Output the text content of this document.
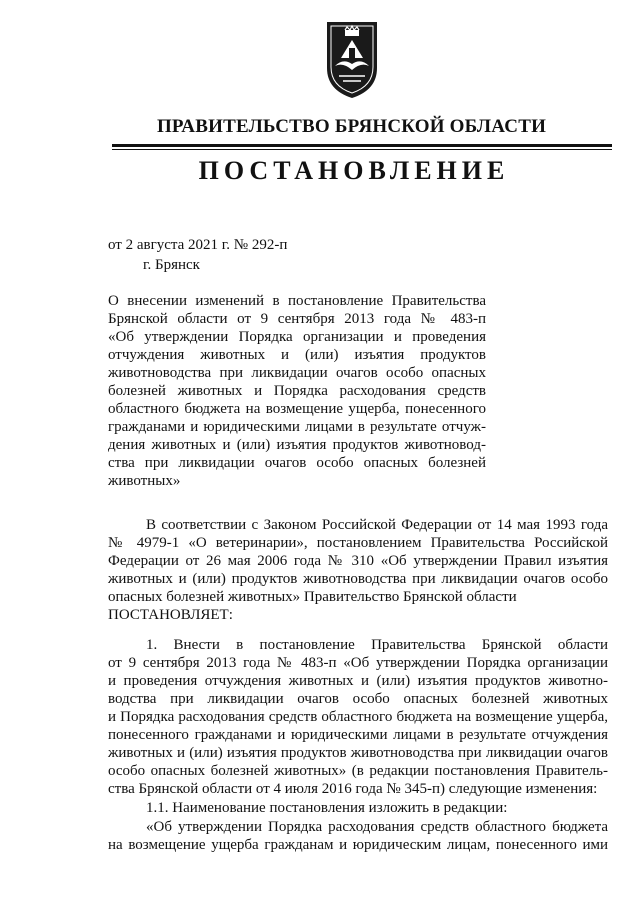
ПРАВИТЕЛЬСТВО БРЯНСКОЙ ОБЛАСТИ
ПОСТАНОВЛЕНИЕ
от 2 августа 2021 г. № 292-п
г. Брянск
О внесении изменений в постановление Правительства
Брянской области от 9 сентября 2013 года № 483-п
«Об утверждении Порядка организации и проведения
отчуждения животных и (или) изъятия продуктов
животноводства при ликвидации очагов особо опасных
болезней животных и Порядка расходования средств
областного бюджета на возмещение ущерба, понесенного
гражданами и юридическими лицами в результате отчуж-
дения животных и (или) изъятия продуктов животновод-
ства при ликвидации очагов особо опасных болезней
животных»
В соответствии с Законом Российской Федерации от 14 мая 1993 года
№ 4979-1 «О ветеринарии», постановлением Правительства Российской
Федерации от 26 мая 2006 года № 310 «Об утверждении Правил изъятия
животных и (или) продуктов животноводства при ликвидации очагов особо
опасных болезней животных» Правительство Брянской области
ПОСТАНОВЛЯЕТ:
1. Внести в постановление Правительства Брянской области
от 9 сентября 2013 года № 483-п «Об утверждении Порядка организации
и проведения отчуждения животных и (или) изъятия продуктов животно-
водства при ликвидации очагов особо опасных болезней животных
и Порядка расходования средств областного бюджета на возмещение ущерба,
понесенного гражданами и юридическими лицами в результате отчуждения
животных и (или) изъятия продуктов животноводства при ликвидации очагов
особо опасных болезней животных» (в редакции постановления Правитель-
ства Брянской области от 4 июля 2016 года № 345-п) следующие изменения:
1.1. Наименование постановления изложить в редакции:
«Об утверждении Порядка расходования средств областного бюджета
на возмещение ущерба гражданам и юридическим лицам, понесенного ими
